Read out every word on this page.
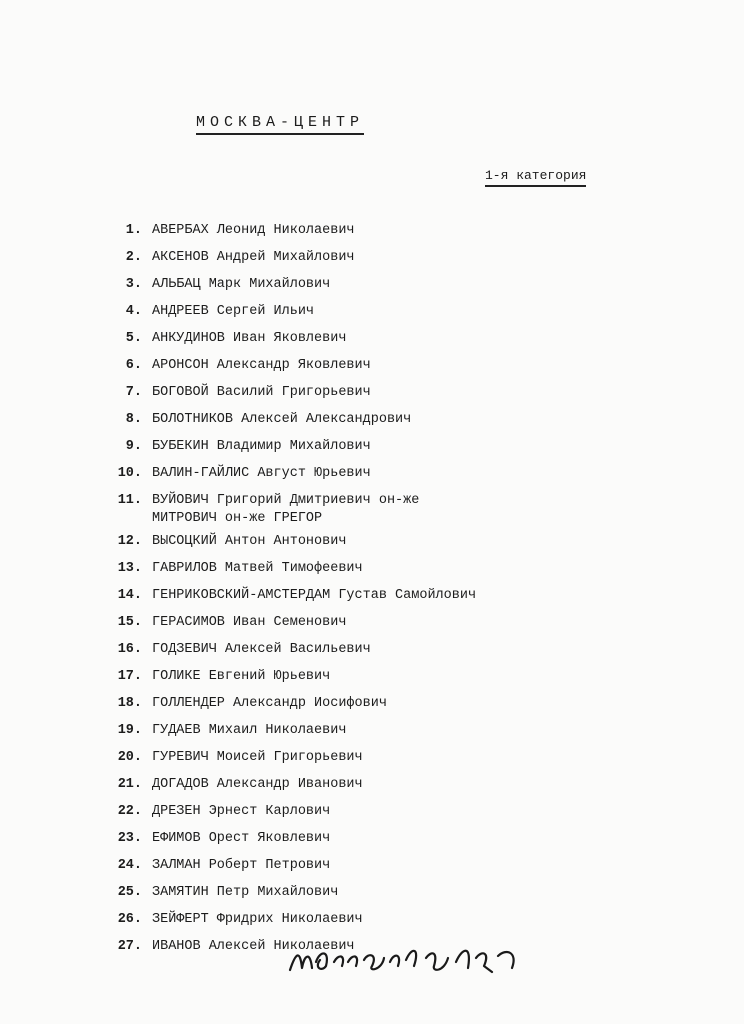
МОСКВА-ЦЕНТР
1-я категория
1. АВЕРБАХ Леонид Николаевич
2. АКСЕНОВ Андрей Михайлович
3. АЛЬБАЦ Марк Михайлович
4. АНДРЕЕВ Сергей Ильич
5. АНКУДИНОВ Иван Яковлевич
6. АРОНСОН Александр Яковлевич
7. БОГОВОЙ Василий Григорьевич
8. БОЛОТНИКОВ Алексей Александрович
9. БУБЕКИН Владимир Михайлович
10. ВАЛИН-ГАЙЛИС Август Юрьевич
11. ВУЙОВИЧ Григорий Дмитриевич он-же
МИТРОВИЧ он-же ГРЕГОР
12. ВЫСОЦКИЙ Антон Антонович
13. ГАВРИЛОВ Матвей Тимофеевич
14. ГЕНРИКОВСКИЙ-АМСТЕРДАМ Густав Самойлович
15. ГЕРАСИМОВ Иван Семенович
16. ГОДЗЕВИЧ Алексей Васильевич
17. ГОЛИКЕ Евгений Юрьевич
18. ГОЛЛЕНДЕР Александр Иосифович
19. ГУДАЕВ Михаил Николаевич
20. ГУРЕВИЧ Моисей Григорьевич
21. ДОГАДОВ Александр Иванович
22. ДРЕЗЕН Эрнест Карлович
23. ЕФИМОВ Орест Яковлевич
24. ЗАЛМАН Роберт Петрович
25. ЗАМЯТИН Петр Михайлович
26. ЗЕЙФЕРТ Фридрих Николаевич
27. ИВАНОВ Алексей Николаевич
